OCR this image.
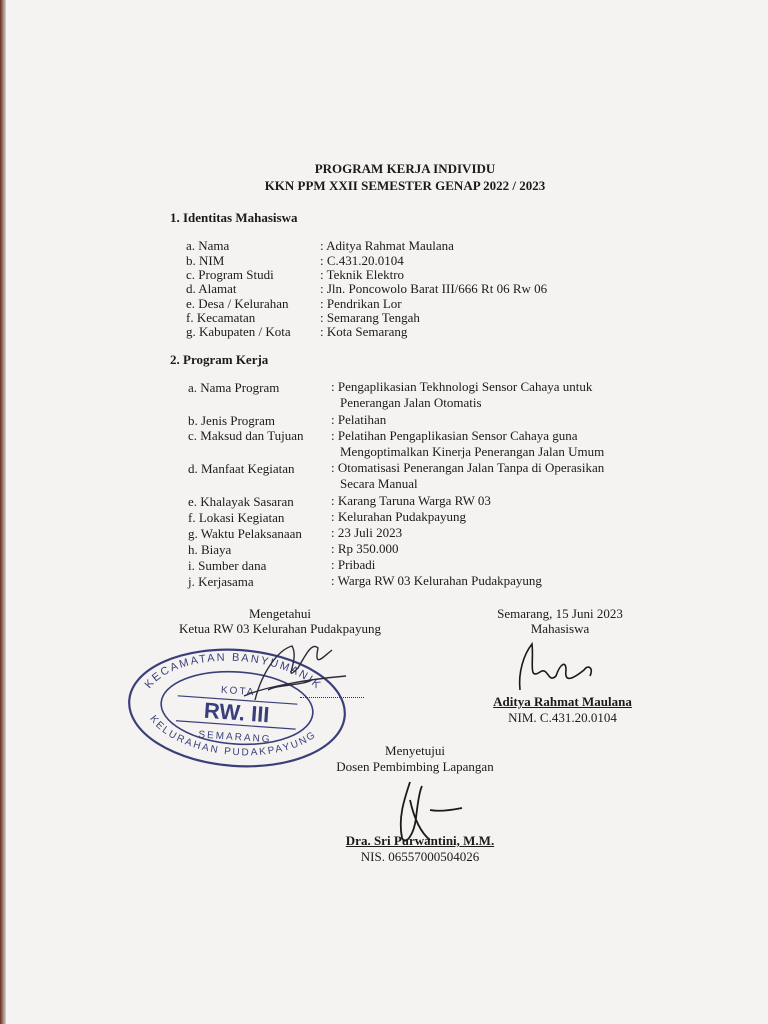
PROGRAM KERJA INDIVIDU
KKN PPM XXII SEMESTER GENAP 2022 / 2023
1. Identitas Mahasiswa
a. Nama	: Aditya Rahmat Maulana
b. NIM	: C.431.20.0104
c. Program Studi	: Teknik Elektro
d. Alamat	: Jln. Poncowolo Barat III/666 Rt 06 Rw 06
e. Desa / Kelurahan : Pendrikan Lor
f. Kecamatan	: Semarang Tengah
g. Kabupaten / Kota : Kota Semarang
2. Program Kerja
a. Nama Program	: Pengaplikasian Tekhnologi Sensor Cahaya untuk
Penerangan Jalan Otomatis
b. Jenis Program	: Pelatihan
c. Maksud dan Tujuan : Pelatihan Pengaplikasian Sensor Cahaya guna
Mengoptimalkan Kinerja Penerangan Jalan Umum
d. Manfaat Kegiatan	: Otomatisasi Penerangan Jalan Tanpa di Operasikan
Secara Manual
e. Khalayak Sasaran	: Karang Taruna Warga RW 03
f. Lokasi Kegiatan	: Kelurahan Pudakpayung
g. Waktu Pelaksanaan : 23 Juli 2023
h. Biaya	: Rp 350.000
i. Sumber dana	: Pribadi
j. Kerjasama	: Warga RW 03 Kelurahan Pudakpayung
Mengetahui
Ketua RW 03 Kelurahan Pudakpayung
Semarang, 15 Juni 2023
Mahasiswa
Aditya Rahmat Maulana
NIM. C.431.20.0104
Menyetujui
Dosen Pembimbing Lapangan
Dra. Sri Purwantini, M.M.
NIS. 06557000504026
KECAMATAN BANYUMANIK
KELURAHAN PUDAKPAYUNG
KOTA
RW. III
SEMARANG
